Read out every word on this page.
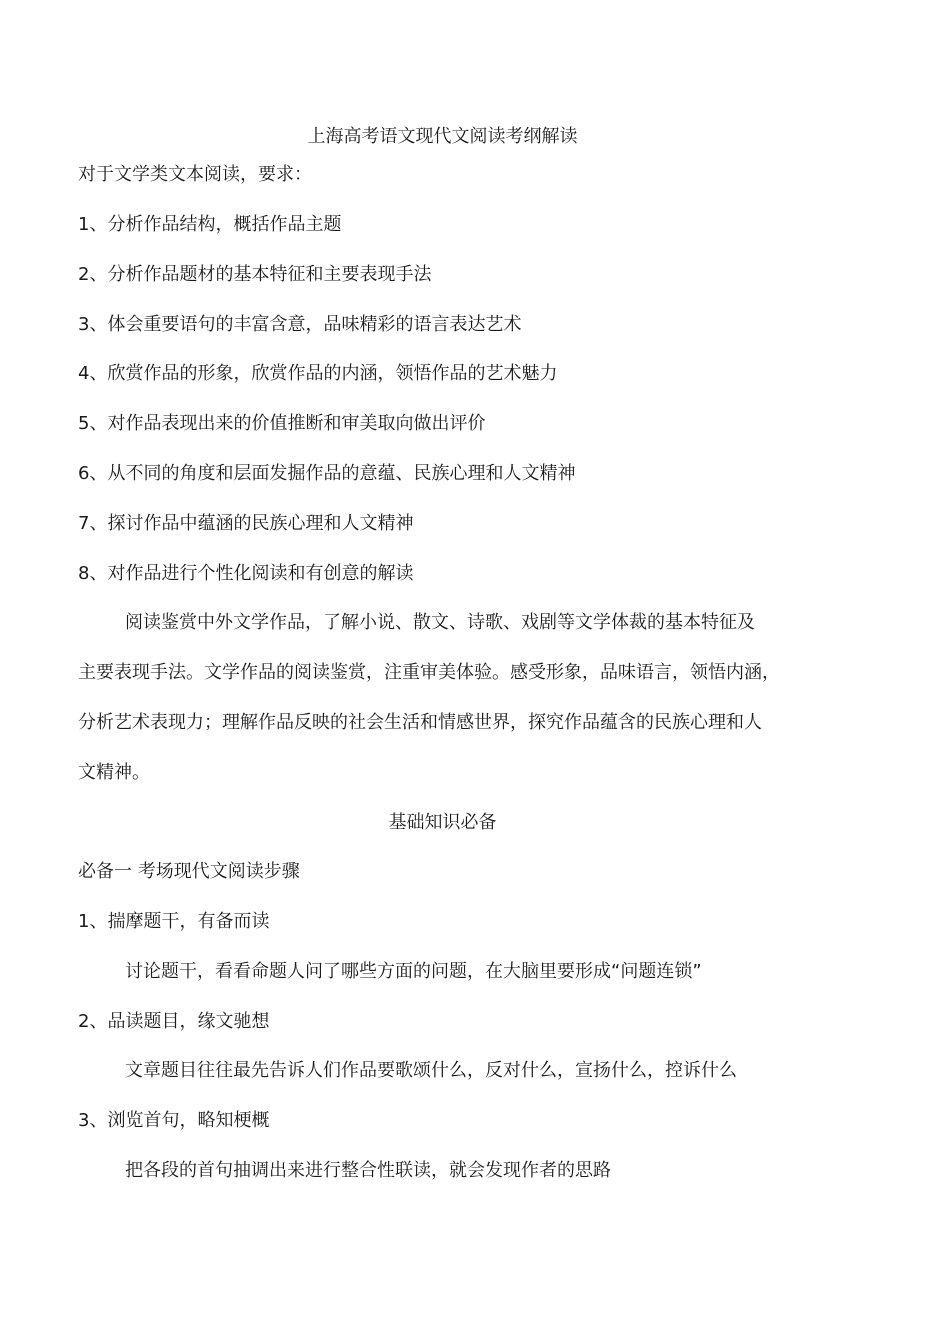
上海高考语文现代文阅读考纲解读
对于文学类文本阅读，要求：
1、分析作品结构，概括作品主题
2、分析作品题材的基本特征和主要表现手法
3、体会重要语句的丰富含意，品味精彩的语言表达艺术
4、欣赏作品的形象，欣赏作品的内涵，领悟作品的艺术魅力
5、对作品表现出来的价值推断和审美取向做出评价
6、从不同的角度和层面发掘作品的意蕴、民族心理和人文精神
7、探讨作品中蕴涵的民族心理和人文精神
8、对作品进行个性化阅读和有创意的解读
阅读鉴赏中外文学作品，了解小说、散文、诗歌、戏剧等文学体裁的基本特征及
主要表现手法。文学作品的阅读鉴赏，注重审美体验。感受形象，品味语言，领悟内涵，
分析艺术表现力；理解作品反映的社会生活和情感世界，探究作品蕴含的民族心理和人
文精神。
基础知识必备
必备一 考场现代文阅读步骤
1、揣摩题干，有备而读
讨论题干，看看命题人问了哪些方面的问题，在大脑里要形成“问题连锁”
2、品读题目，缘文驰想
文章题目往往最先告诉人们作品要歌颂什么，反对什么，宣扬什么，控诉什么
3、浏览首句，略知梗概
把各段的首句抽调出来进行整合性联读，就会发现作者的思路
